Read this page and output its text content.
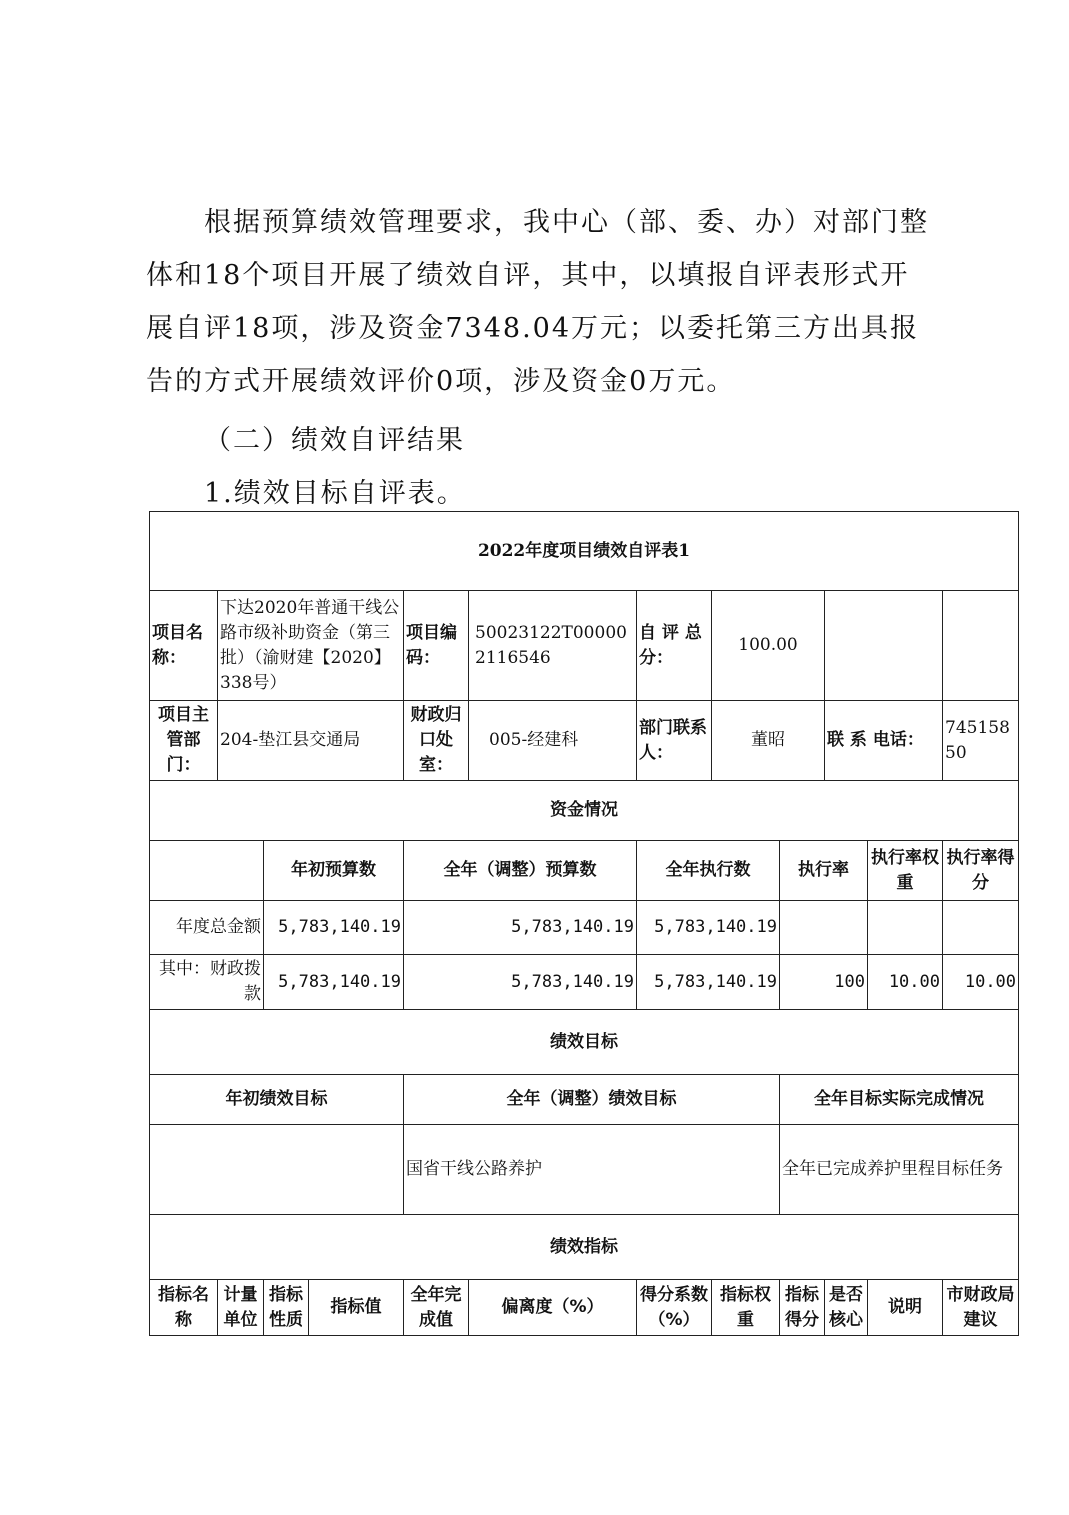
根据预算绩效管理要求，我中心（部、委、办）对部门整体和18个项目开展了绩效自评，其中，以填报自评表形式开展自评18项，涉及资金7348.04万元；以委托第三方出具报告的方式开展绩效评价0项，涉及资金0万元。

（二）绩效自评结果

1.绩效目标自评表。

2022年度项目绩效自评表1											
项目名称：	下达2020年普通干线公路市级补助资金（第三批）（渝财建【2020】338号）			项目编码：	50023122T000002116546	自 评 总分：	100.00				
项目主管部门：	204-垫江县交通局			财政归口处室：	005-经建科	部门联系人：	董昭		联 系 电话：		74515850
资金情况											
		年初预算数		全年（调整）预算数		全年执行数		执行率		执行率权重	执行率得分
年度总金额		5,783,140.19		5,783,140.19		5,783,140.19					
其中：财政拨款		5,783,140.19		5,783,140.19		5,783,140.19		100		10.00	10.00
绩效目标											
年初绩效目标				全年（调整）绩效目标				全年目标实际完成情况			
				国省干线公路养护				全年已完成养护里程目标任务			
绩效指标											
指标名称	计量单位	指标性质	指标值	全年完成值	偏离度（%）	得分系数（%）	指标权重	指标得分	是否核心	说明	市财政局建议
